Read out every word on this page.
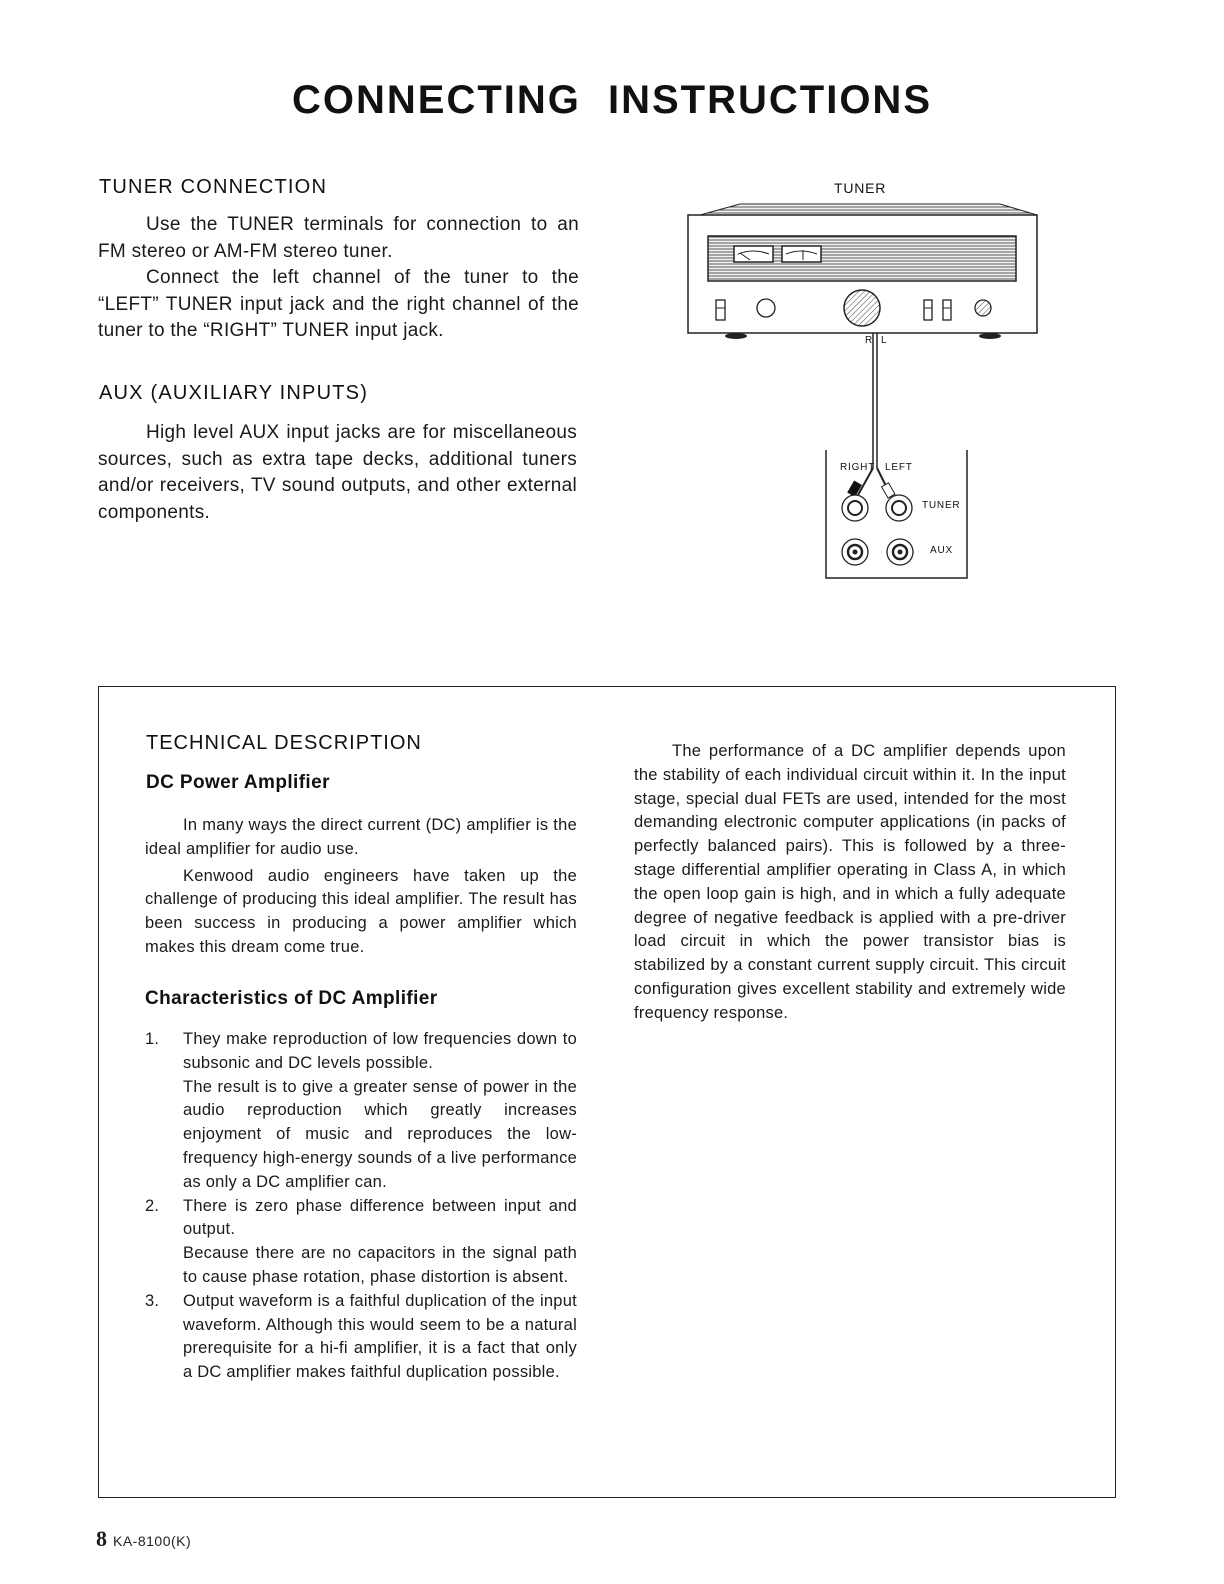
CONNECTING INSTRUCTIONS
TUNER CONNECTION

Use the TUNER terminals for connection to an FM stereo or AM-FM stereo tuner.

Connect the left channel of the tuner to the “LEFT” TUNER input jack and the right channel of the tuner to the “RIGHT” TUNER input jack.

AUX (AUXILIARY INPUTS)

High level AUX input jacks are for miscellaneous sources, such as extra tape decks, additional tuners and/or receivers, TV sound outputs, and other external components.

TUNER
R L
RIGHT LEFT
TUNER
AUX
TECHNICAL DESCRIPTION
DC Power Amplifier

In many ways the direct current (DC) amplifier is the ideal amplifier for audio use.

Kenwood audio engineers have taken up the challenge of producing this ideal amplifier. The result has been success in producing a power amplifier which makes this dream come true.

Characteristics of DC Amplifier
1.	They make reproduction of low frequencies down to subsonic and DC levels possible.
The result is to give a greater sense of power in the audio reproduction which greatly increases enjoyment of music and reproduces the low-frequency high-energy sounds of a live performance as only a DC amplifier can.
2.	There is zero phase difference between input and output.
Because there are no capacitors in the signal path to cause phase rotation, phase distortion is absent.
3.	Output waveform is a faithful duplication of the input waveform. Although this would seem to be a natural prerequisite for a hi-fi amplifier, it is a fact that only a DC amplifier makes faithful duplication possible.

The performance of a DC amplifier depends upon the stability of each individual circuit within it. In the input stage, special dual FETs are used, intended for the most demanding electronic computer applications (in packs of perfectly balanced pairs). This is followed by a three-stage differential amplifier operating in Class A, in which the open loop gain is high, and in which a fully adequate degree of negative feedback is applied with a pre-driver load circuit in which the power transistor bias is stabilized by a constant current supply circuit. This circuit configuration gives excellent stability and extremely wide frequency response.

8 KA-8100(K)
